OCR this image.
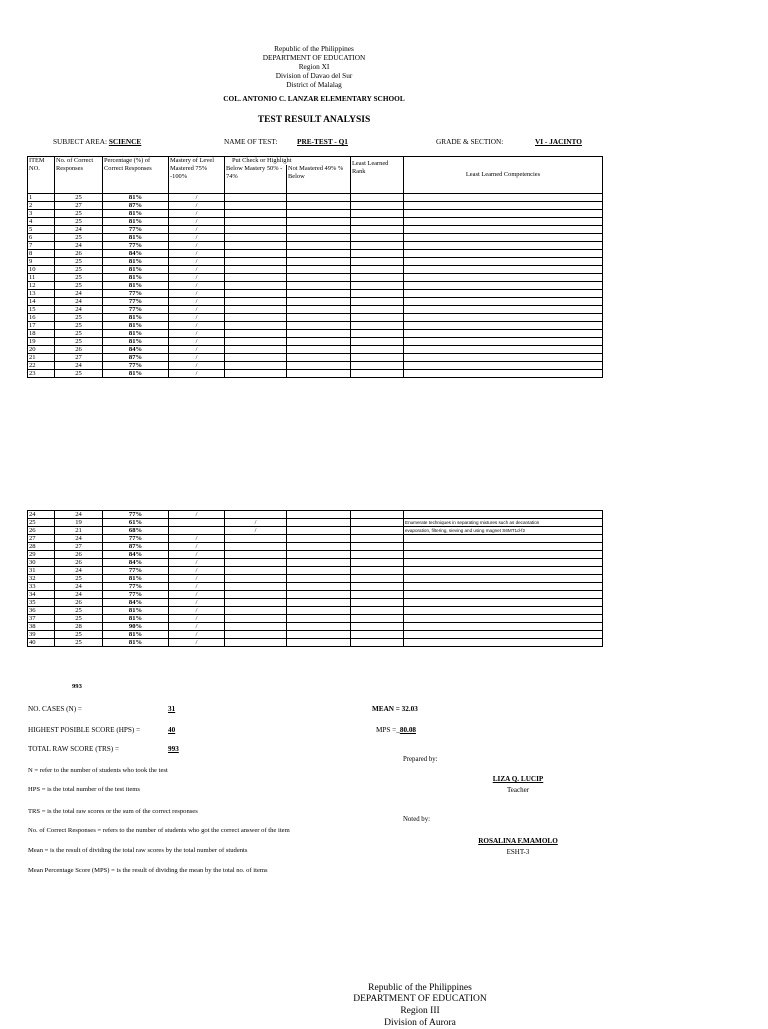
Republic of the Philippines
DEPARTMENT OF EDUCATION
Region XI
Division of Davao del Sur
District of Malalag
COL. ANTONIO C. LANZAR ELEMENTARY SCHOOL
TEST RESULT ANALYSIS
SUBJECT AREA: SCIENCE	NAME OF TEST:	PRE-TEST - Q1	GRADE & SECTION:	VI - JACINTO
ITEM NO.	No. of Correct Responses	Percentage (%) of Correct Responses	Mastered 75% -100%	Below Mastery 50% - 74%	Not Mastered 49% % Below	Least Learned Rank	Least Learned Competencies
1	25	81%	/				
2	27	87%	/				
3	25	81%	/				
4	25	81%	/				
5	24	77%	/				
6	25	81%	/				
7	24	77%	/				
8	26	84%	/				
9	25	81%	/				
10	25	81%	/				
11	25	81%	/				
12	25	81%	/				
13	24	77%	/				
14	24	77%	/				
15	24	77%	/				
16	25	81%	/				
17	25	81%	/				
18	25	81%	/				
19	25	81%	/				
20	26	84%	/				
21	27	87%	/				
22	24	77%	/				
23	25	81%	/				
Mastery of Level	Put Check or Highlight
24	24	77%	/				
25	19	61%		/			Enumerate techniques in separating mixtures such as decantation
26	21	68%		/			evaporation, filtering, sieving and using magnet S6MT1d-f2
27	24	77%	/				
28	27	87%	/				
29	26	84%	/				
30	26	84%	/				
31	24	77%	/				
32	25	81%	/				
33	24	77%	/				
34	24	77%	/				
35	26	84%	/				
36	25	81%	/				
37	25	81%	/				
38	28	90%	/				
39	25	81%	/				
40	25	81%	/				
993
NO. CASES (N) =	31
HIGHEST POSIBLE SCORE (HPS) =	40
TOTAL RAW SCORE (TRS) =	993
MEAN = 32.03
MPS =_80.08
N = refer to the number of students who took the test
HPS = is the total number of the test items
TRS = is the total raw scores or the sum of the correct responses
No. of Correct Responses = refers to the number of students who got the correct answer of the item
Mean = is the result of dividing the total raw scores by the total number of students
Mean Percentage Score (MPS) = is the result of dividing the mean by the total no. of items
Prepared by:
LIZA Q. LUCIP
Teacher
Noted by:
ROSALINA F.MAMOLO
ESHT-3
Republic of the Philippines
DEPARTMENT OF EDUCATION
Region III
Division of Aurora
